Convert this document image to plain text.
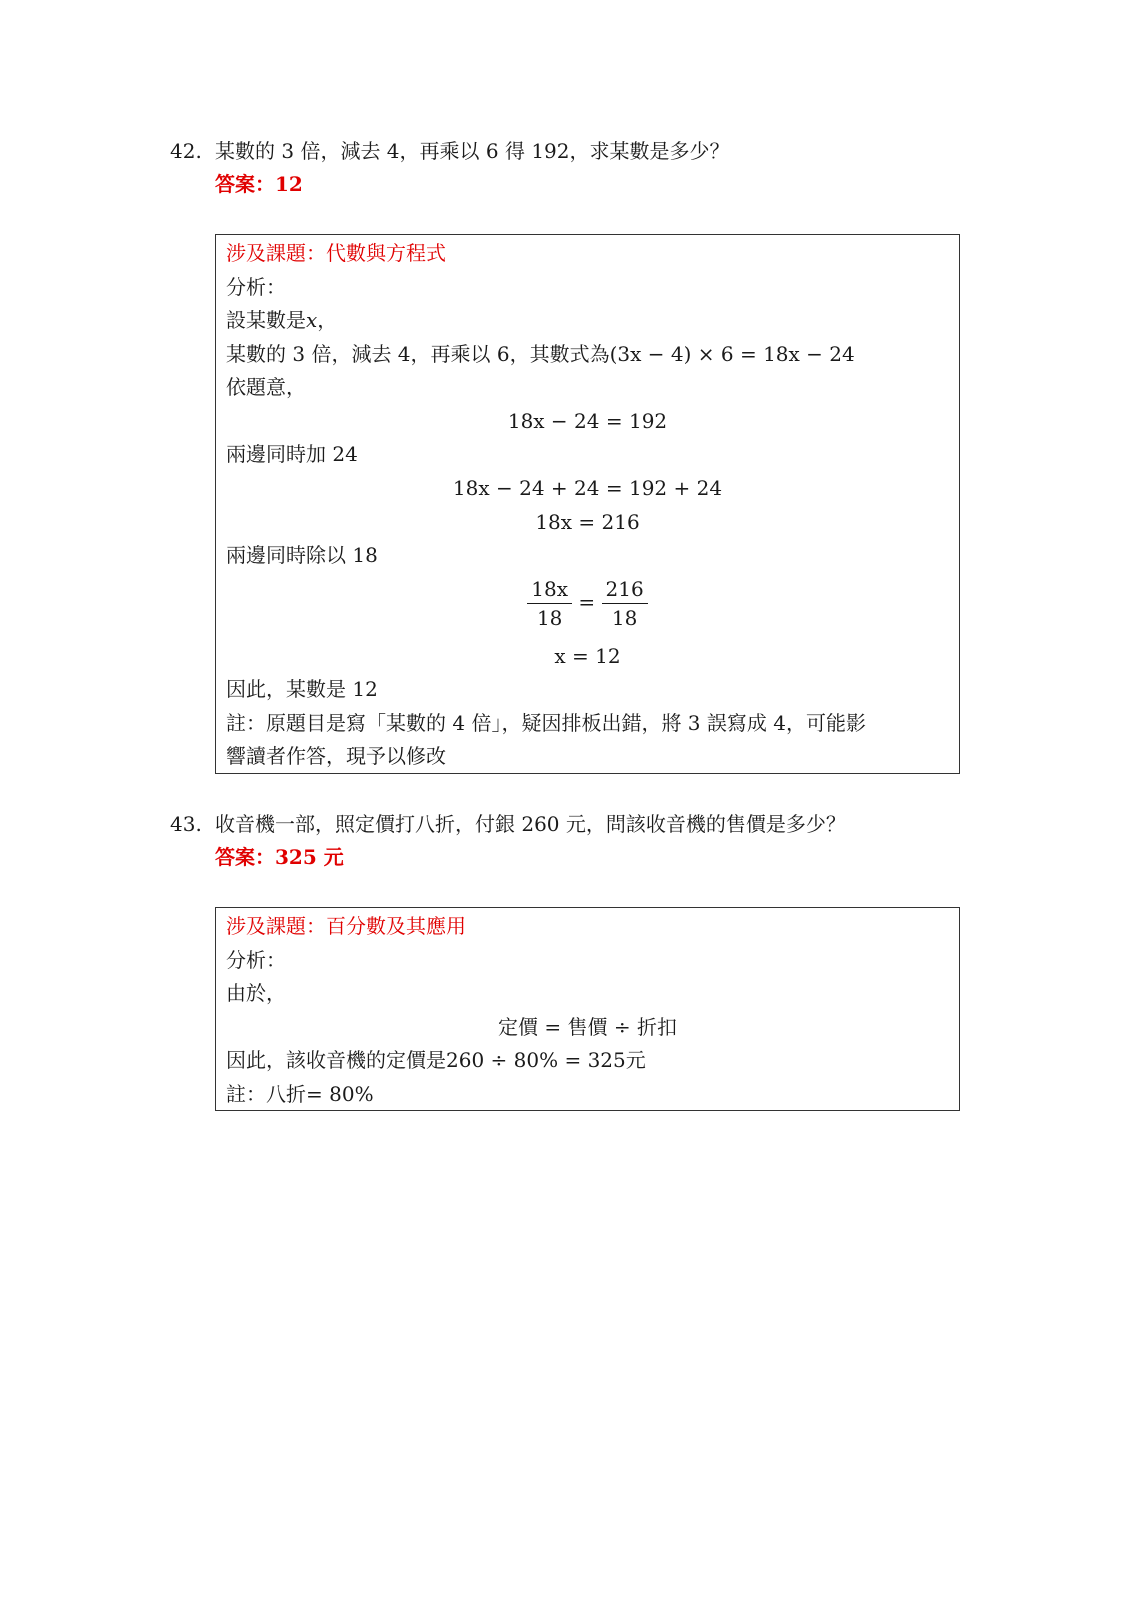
42. 某數的 3 倍，減去 4，再乘以 6 得 192，求某數是多少？
答案：12
涉及課題：代數與方程式
分析：
設某數是x，
某數的 3 倍，減去 4，再乘以 6，其數式為(3x − 4) × 6 = 18x − 24
依題意，
18x − 24 = 192
兩邊同時加 24
18x − 24 + 24 = 192 + 24
18x = 216
兩邊同時除以 18
$\frac{18x}{18} = \frac{216}{18}$
x = 12
因此，某數是 12
註：原題目是寫「某數的 4 倍」，疑因排板出錯，將 3 誤寫成 4，可能影
響讀者作答，現予以修改
43. 收音機一部，照定價打八折，付銀 260 元，問該收音機的售價是多少？
答案：325 元
涉及課題：百分數及其應用
分析：
由於，
定價 = 售價 ÷ 折扣
因此，該收音機的定價是260 ÷ 80% = 325元
註：八折= 80%
